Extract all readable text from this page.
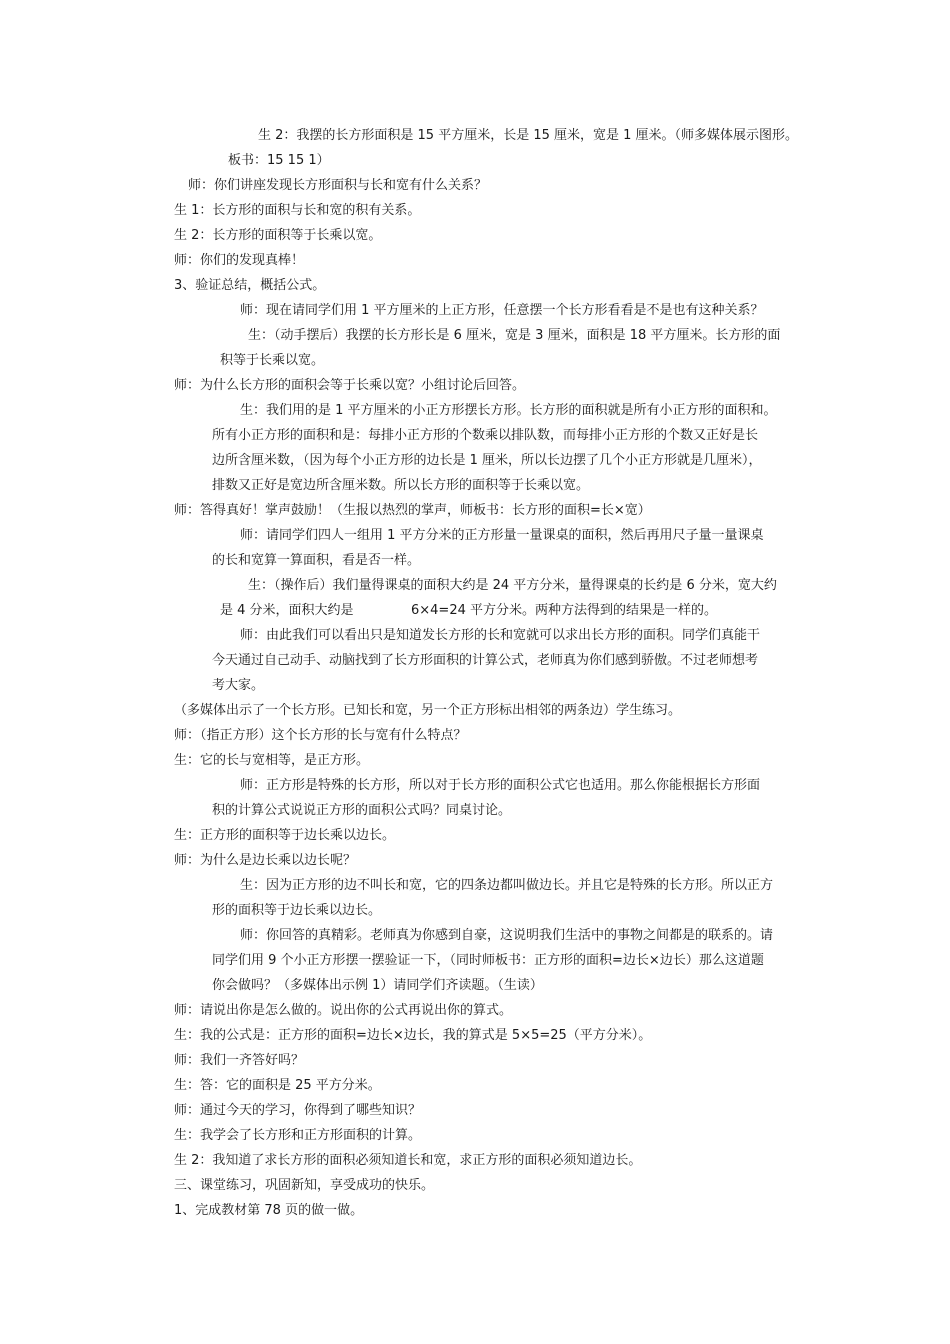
生 2：我摆的长方形面积是 15 平方厘米，长是 15 厘米，宽是 1 厘米。（师多媒体展示图形。
板书：15 15 1）
师：你们讲座发现长方形面积与长和宽有什么关系？
生 1：长方形的面积与长和宽的积有关系。
生 2：长方形的面积等于长乘以宽。
师：你们的发现真棒！
3、验证总结，概括公式。
师：现在请同学们用 1 平方厘米的上正方形，任意摆一个长方形看看是不是也有这种关系？
生：（动手摆后）我摆的长方形长是 6 厘米，宽是 3 厘米，面积是 18 平方厘米。长方形的面
积等于长乘以宽。
师：为什么长方形的面积会等于长乘以宽？小组讨论后回答。
生：我们用的是 1 平方厘米的小正方形摆长方形。长方形的面积就是所有小正方形的面积和。
所有小正方形的面积和是：每排小正方形的个数乘以排队数，而每排小正方形的个数又正好是长
边所含厘米数，（因为每个小正方形的边长是 1 厘米，所以长边摆了几个小正方形就是几厘米），
排数又正好是宽边所含厘米数。所以长方形的面积等于长乘以宽。
师：答得真好！掌声鼓励！（生报以热烈的掌声，师板书：长方形的面积=长×宽）
师：请同学们四人一组用 1 平方分米的正方形量一量课桌的面积，然后再用尺子量一量课桌
的长和宽算一算面积，看是否一样。
生：（操作后）我们量得课桌的面积大约是 24 平方分米，量得课桌的长约是 6 分米，宽大约
是 4 分米，面积大约是	6×4=24 平方分米。两种方法得到的结果是一样的。
师：由此我们可以看出只是知道发长方形的长和宽就可以求出长方形的面积。同学们真能干
今天通过自己动手、动脑找到了长方形面积的计算公式，老师真为你们感到骄傲。不过老师想考
考大家。
（多媒体出示了一个长方形。已知长和宽，另一个正方形标出相邻的两条边）学生练习。
师：（指正方形）这个长方形的长与宽有什么特点？
生：它的长与宽相等，是正方形。
师：正方形是特殊的长方形，所以对于长方形的面积公式它也适用。那么你能根据长方形面
积的计算公式说说正方形的面积公式吗？同桌讨论。
生：正方形的面积等于边长乘以边长。
师：为什么是边长乘以边长呢？
生：因为正方形的边不叫长和宽，它的四条边都叫做边长。并且它是特殊的长方形。所以正方
形的面积等于边长乘以边长。
师：你回答的真精彩。老师真为你感到自豪，这说明我们生活中的事物之间都是的联系的。请
同学们用 9 个小正方形摆一摆验证一下，（同时师板书：正方形的面积=边长×边长）那么这道题
你会做吗？（多媒体出示例 1）请同学们齐读题。（生读）
师：请说出你是怎么做的。说出你的公式再说出你的算式。
生：我的公式是：正方形的面积=边长×边长，我的算式是 5×5=25（平方分米）。
师：我们一齐答好吗？
生：答：它的面积是 25 平方分米。
师：通过今天的学习，你得到了哪些知识？
生：我学会了长方形和正方形面积的计算。
生 2：我知道了求长方形的面积必须知道长和宽，求正方形的面积必须知道边长。
三、课堂练习，巩固新知，享受成功的快乐。
1、完成教材第 78 页的做一做。
